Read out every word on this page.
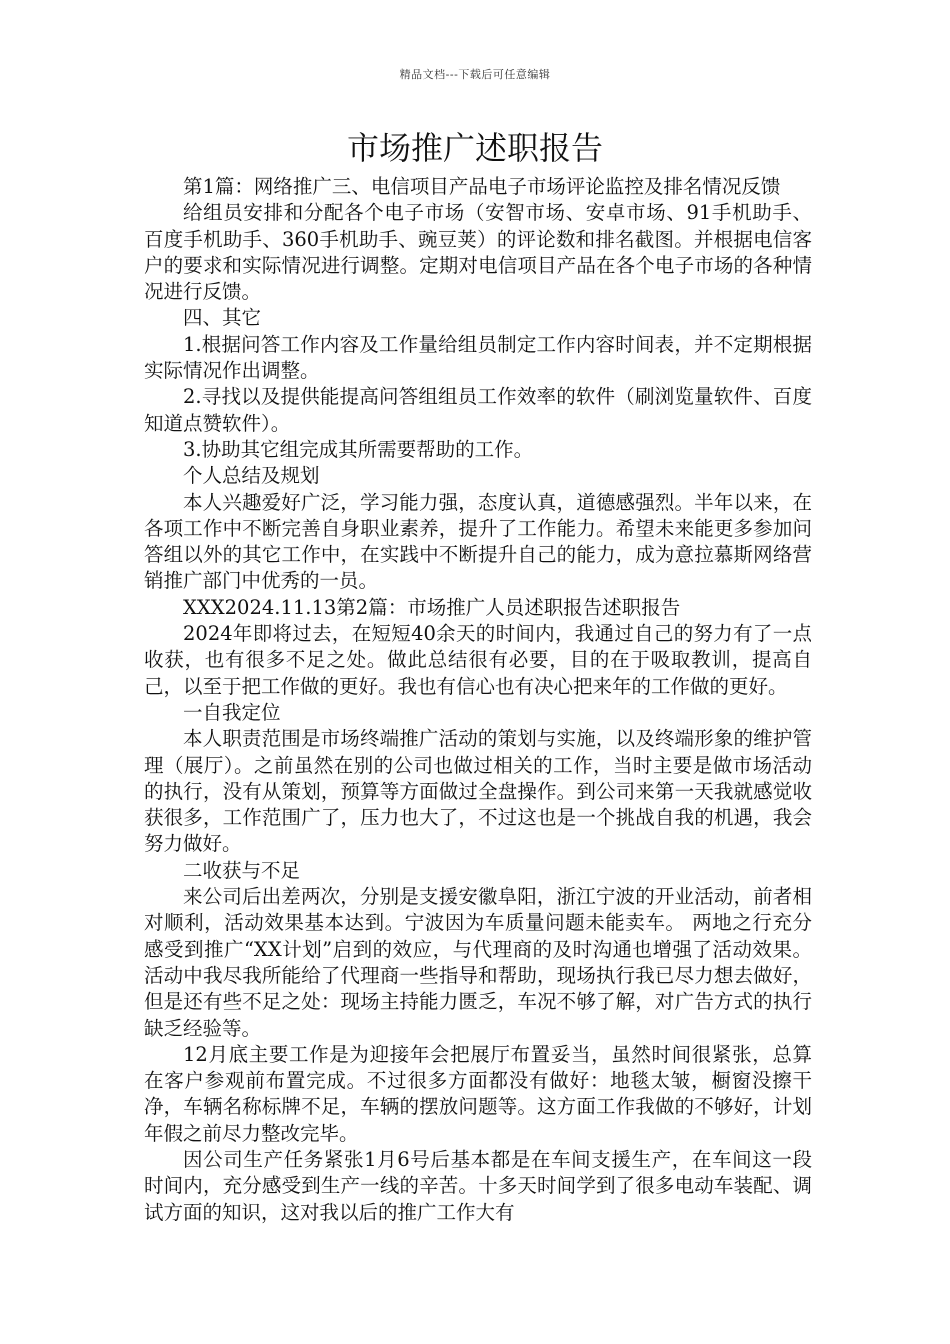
精品文档---下载后可任意编辑
市场推广述职报告

第1篇：网络推广三、电信项目产品电子市场评论监控及排名情况反馈

给组员安排和分配各个电子市场（安智市场、安卓市场、91手机助手、百度手机助手、360手机助手、豌豆荚）的评论数和排名截图。并根据电信客户的要求和实际情况进行调整。定期对电信项目产品在各个电子市场的各种情况进行反馈。

四、其它

1.根据问答工作内容及工作量给组员制定工作内容时间表，并不定期根据实际情况作出调整。

2.寻找以及提供能提高问答组组员工作效率的软件（刷浏览量软件、百度知道点赞软件）。

3.协助其它组完成其所需要帮助的工作。

个人总结及规划

本人兴趣爱好广泛，学习能力强，态度认真，道德感强烈。半年以来，在各项工作中不断完善自身职业素养，提升了工作能力。希望未来能更多参加问答组以外的其它工作中，在实践中不断提升自己的能力，成为意拉慕斯网络营销推广部门中优秀的一员。

XXX2024.11.13第2篇：市场推广人员述职报告述职报告

2024年即将过去，在短短40余天的时间内，我通过自己的努力有了一点收获，也有很多不足之处。做此总结很有必要，目的在于吸取教训，提高自己，以至于把工作做的更好。我也有信心也有决心把来年的工作做的更好。

一自我定位

本人职责范围是市场终端推广活动的策划与实施，以及终端形象的维护管理（展厅）。之前虽然在别的公司也做过相关的工作，当时主要是做市场活动的执行，没有从策划，预算等方面做过全盘操作。到公司来第一天我就感觉收获很多，工作范围广了，压力也大了，不过这也是一个挑战自我的机遇，我会努力做好。

二收获与不足

来公司后出差两次，分别是支援安徽阜阳，浙江宁波的开业活动，前者相对顺利，活动效果基本达到。宁波因为车质量问题未能卖车。 两地之行充分感受到推广“XX计划”启到的效应，与代理商的及时沟通也增强了活动效果。活动中我尽我所能给了代理商一些指导和帮助，现场执行我已尽力想去做好，但是还有些不足之处：现场主持能力匮乏，车况不够了解，对广告方式的执行缺乏经验等。

12月底主要工作是为迎接年会把展厅布置妥当，虽然时间很紧张，总算在客户参观前布置完成。不过很多方面都没有做好：地毯太皱，橱窗没擦干净，车辆名称标牌不足，车辆的摆放问题等。这方面工作我做的不够好，计划年假之前尽力整改完毕。

因公司生产任务紧张1月6号后基本都是在车间支援生产，在车间这一段时间内，充分感受到生产一线的辛苦。十多天时间学到了很多电动车装配、调试方面的知识，这对我以后的推广工作大有
